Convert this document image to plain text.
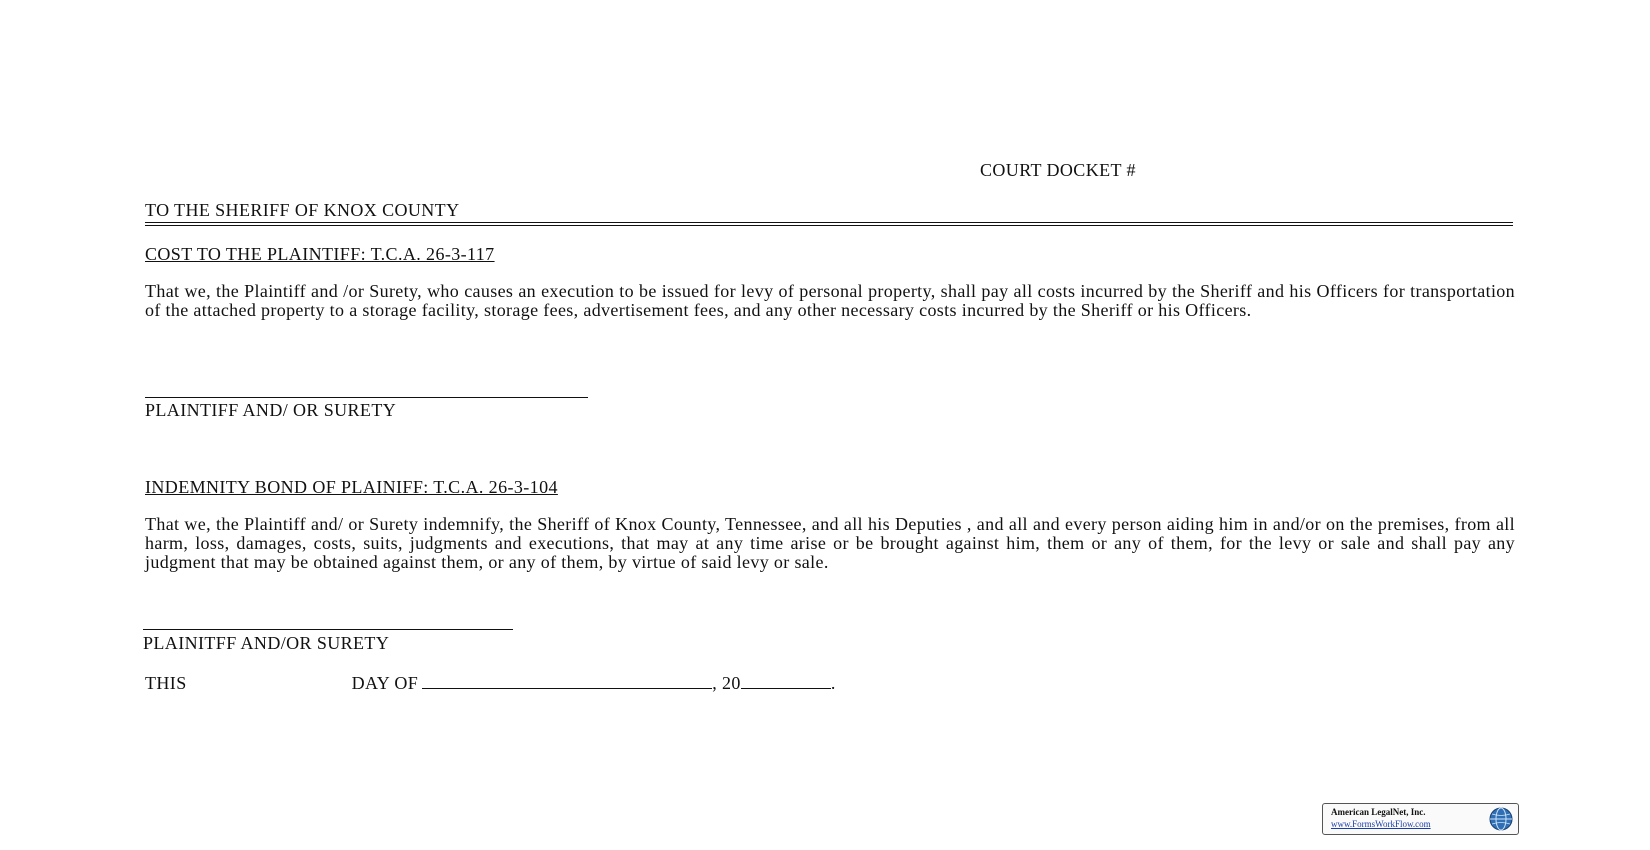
COURT DOCKET #
TO THE SHERIFF OF KNOX COUNTY
COST TO THE PLAINTIFF: T.C.A. 26-3-117
That we, the Plaintiff and /or Surety, who causes an execution to be issued for levy of personal property, shall pay all costs incurred by the Sheriff and his Officers for transportation of the attached property to a storage facility, storage fees, advertisement fees, and any other necessary costs incurred by the Sheriff or his Officers.
PLAINTIFF AND/ OR SURETY
INDEMNITY BOND OF PLAINIFF: T.C.A. 26-3-104
That we, the Plaintiff and/ or Surety indemnify, the Sheriff of Knox County, Tennessee, and all his Deputies , and all and every person aiding him in and/or on the premises, from all harm, loss, damages, costs, suits, judgments and executions, that may at any time arise or be brought against him, them or any of them, for the levy or sale and shall pay any judgment that may be obtained against them, or any of them, by virtue of said levy or sale.
PLAINITFF AND/OR SURETY
THIS	DAY OF	, 20	.
American LegalNet, Inc.
www.FormsWorkFlow.com
